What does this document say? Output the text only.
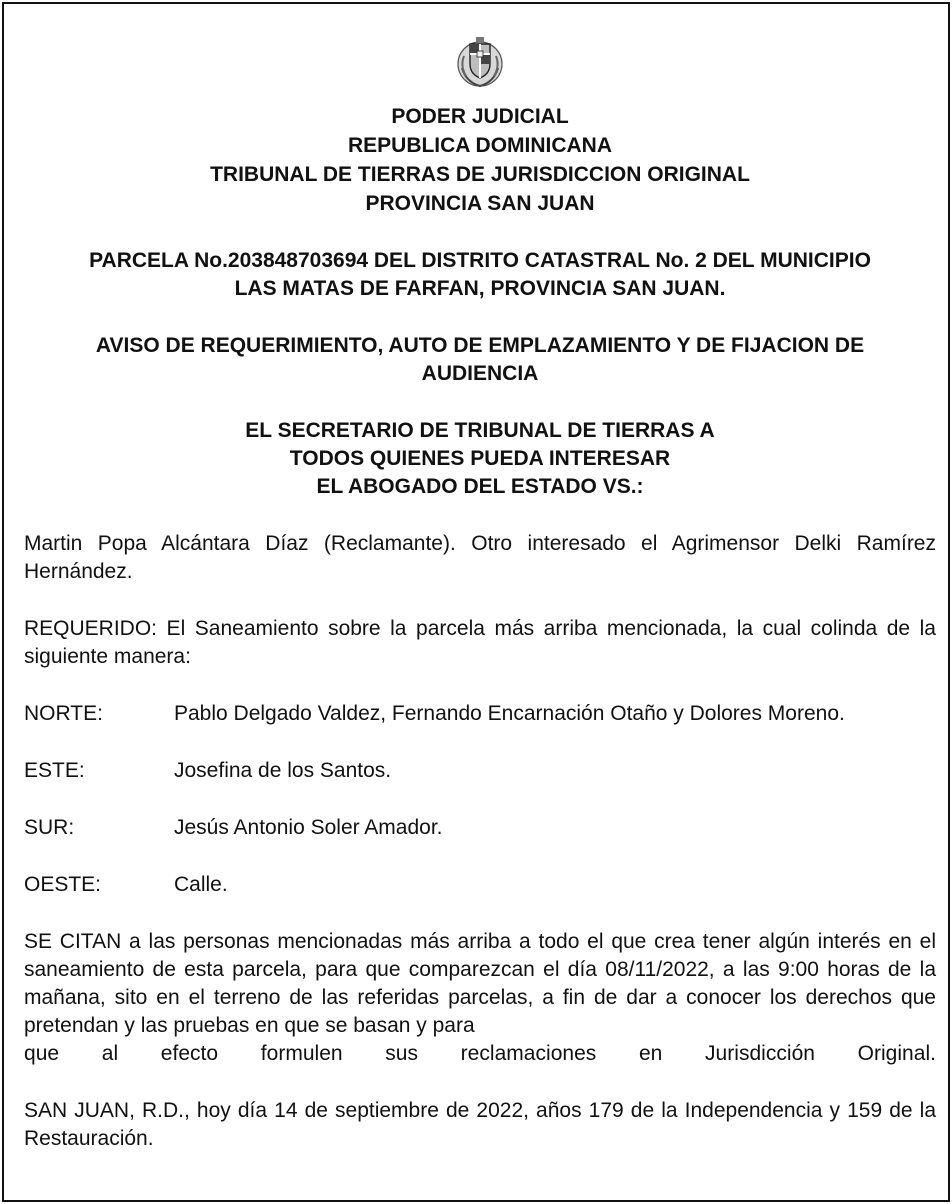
PODER JUDICIAL
REPUBLICA DOMINICANA
TRIBUNAL DE TIERRAS DE JURISDICCION ORIGINAL
PROVINCIA SAN JUAN
PARCELA No.203848703694 DEL DISTRITO CATASTRAL No. 2 DEL MUNICIPIO
LAS MATAS DE FARFAN, PROVINCIA SAN JUAN.
AVISO DE REQUERIMIENTO, AUTO DE EMPLAZAMIENTO Y DE FIJACION DE
AUDIENCIA
EL SECRETARIO DE TRIBUNAL DE TIERRAS A
TODOS QUIENES PUEDA INTERESAR
EL ABOGADO DEL ESTADO VS.:
Martin Popa Alcántara Díaz (Reclamante). Otro interesado el Agrimensor Delki Ramírez Hernández.
REQUERIDO: El Saneamiento sobre la parcela más arriba mencionada, la cual colinda de la siguiente manera:
NORTE:	Pablo Delgado Valdez, Fernando Encarnación Otaño y Dolores Moreno.
ESTE:	Josefina de los Santos.
SUR:	Jesús Antonio Soler Amador.
OESTE:	Calle.
SE CITAN a las personas mencionadas más arriba a todo el que crea tener algún interés en el saneamiento de esta parcela, para que comparezcan el día 08/11/2022, a las 9:00 horas de la mañana, sito en el terreno de las referidas parcelas, a fin de dar a conocer los derechos que pretendan y las pruebas en que se basan y para
que al efecto formulen sus reclamaciones en Jurisdicción Original.
SAN JUAN, R.D., hoy día 14 de septiembre de 2022, años 179 de la Independencia y 159 de la Restauración.
